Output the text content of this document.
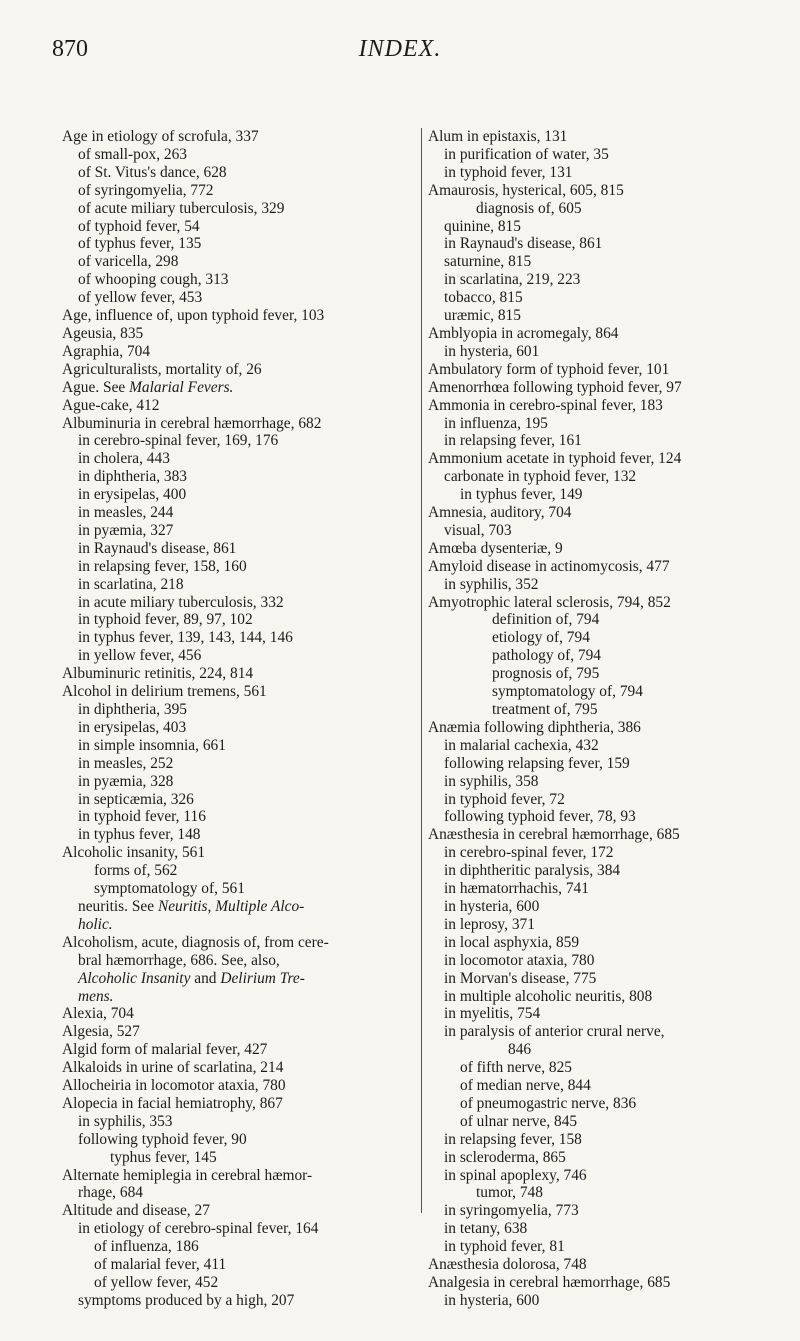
870	INDEX.
Age in etiology of scrofula, 337
of small-pox, 263
of St. Vitus's dance, 628
of syringomyelia, 772
of acute miliary tuberculosis, 329
of typhoid fever, 54
of typhus fever, 135
of varicella, 298
of whooping cough, 313
of yellow fever, 453
Age, influence of, upon typhoid fever, 103
Ageusia, 835
Agraphia, 704
Agriculturalists, mortality of, 26
Ague. See Malarial Fevers.
Ague-cake, 412
Albuminuria in cerebral hæmorrhage, 682
in cerebro-spinal fever, 169, 176
in cholera, 443
in diphtheria, 383
in erysipelas, 400
in measles, 244
in pyæmia, 327
in Raynaud's disease, 861
in relapsing fever, 158, 160
in scarlatina, 218
in acute miliary tuberculosis, 332
in typhoid fever, 89, 97, 102
in typhus fever, 139, 143, 144, 146
in yellow fever, 456
Albuminuric retinitis, 224, 814
Alcohol in delirium tremens, 561
in diphtheria, 395
in erysipelas, 403
in simple insomnia, 661
in measles, 252
in pyæmia, 328
in septicæmia, 326
in typhoid fever, 116
in typhus fever, 148
Alcoholic insanity, 561
forms of, 562
symptomatology of, 561
neuritis. See Neuritis, Multiple Alco-
holic.
Alcoholism, acute, diagnosis of, from cere-
bral hæmorrhage, 686. See, also,
Alcoholic Insanity and Delirium Tre-
mens.
Alexia, 704
Algesia, 527
Algid form of malarial fever, 427
Alkaloids in urine of scarlatina, 214
Allocheiria in locomotor ataxia, 780
Alopecia in facial hemiatrophy, 867
in syphilis, 353
following typhoid fever, 90
typhus fever, 145
Alternate hemiplegia in cerebral hæmor-
rhage, 684
Altitude and disease, 27
in etiology of cerebro-spinal fever, 164
of influenza, 186
of malarial fever, 411
of yellow fever, 452
symptoms produced by a high, 207
Alum in epistaxis, 131
in purification of water, 35
in typhoid fever, 131
Amaurosis, hysterical, 605, 815
diagnosis of, 605
quinine, 815
in Raynaud's disease, 861
saturnine, 815
in scarlatina, 219, 223
tobacco, 815
uræmic, 815
Amblyopia in acromegaly, 864
in hysteria, 601
Ambulatory form of typhoid fever, 101
Amenorrhœa following typhoid fever, 97
Ammonia in cerebro-spinal fever, 183
in influenza, 195
in relapsing fever, 161
Ammonium acetate in typhoid fever, 124
carbonate in typhoid fever, 132
in typhus fever, 149
Amnesia, auditory, 704
visual, 703
Amœba dysenteriæ, 9
Amyloid disease in actinomycosis, 477
in syphilis, 352
Amyotrophic lateral sclerosis, 794, 852
definition of, 794
etiology of, 794
pathology of, 794
prognosis of, 795
symptomatology of, 794
treatment of, 795
Anæmia following diphtheria, 386
in malarial cachexia, 432
following relapsing fever, 159
in syphilis, 358
in typhoid fever, 72
following typhoid fever, 78, 93
Anæsthesia in cerebral hæmorrhage, 685
in cerebro-spinal fever, 172
in diphtheritic paralysis, 384
in hæmatorrhachis, 741
in hysteria, 600
in leprosy, 371
in local asphyxia, 859
in locomotor ataxia, 780
in Morvan's disease, 775
in multiple alcoholic neuritis, 808
in myelitis, 754
in paralysis of anterior crural nerve,
846
of fifth nerve, 825
of median nerve, 844
of pneumogastric nerve, 836
of ulnar nerve, 845
in relapsing fever, 158
in scleroderma, 865
in spinal apoplexy, 746
tumor, 748
in syringomyelia, 773
in tetany, 638
in typhoid fever, 81
Anæsthesia dolorosa, 748
Analgesia in cerebral hæmorrhage, 685
in hysteria, 600
